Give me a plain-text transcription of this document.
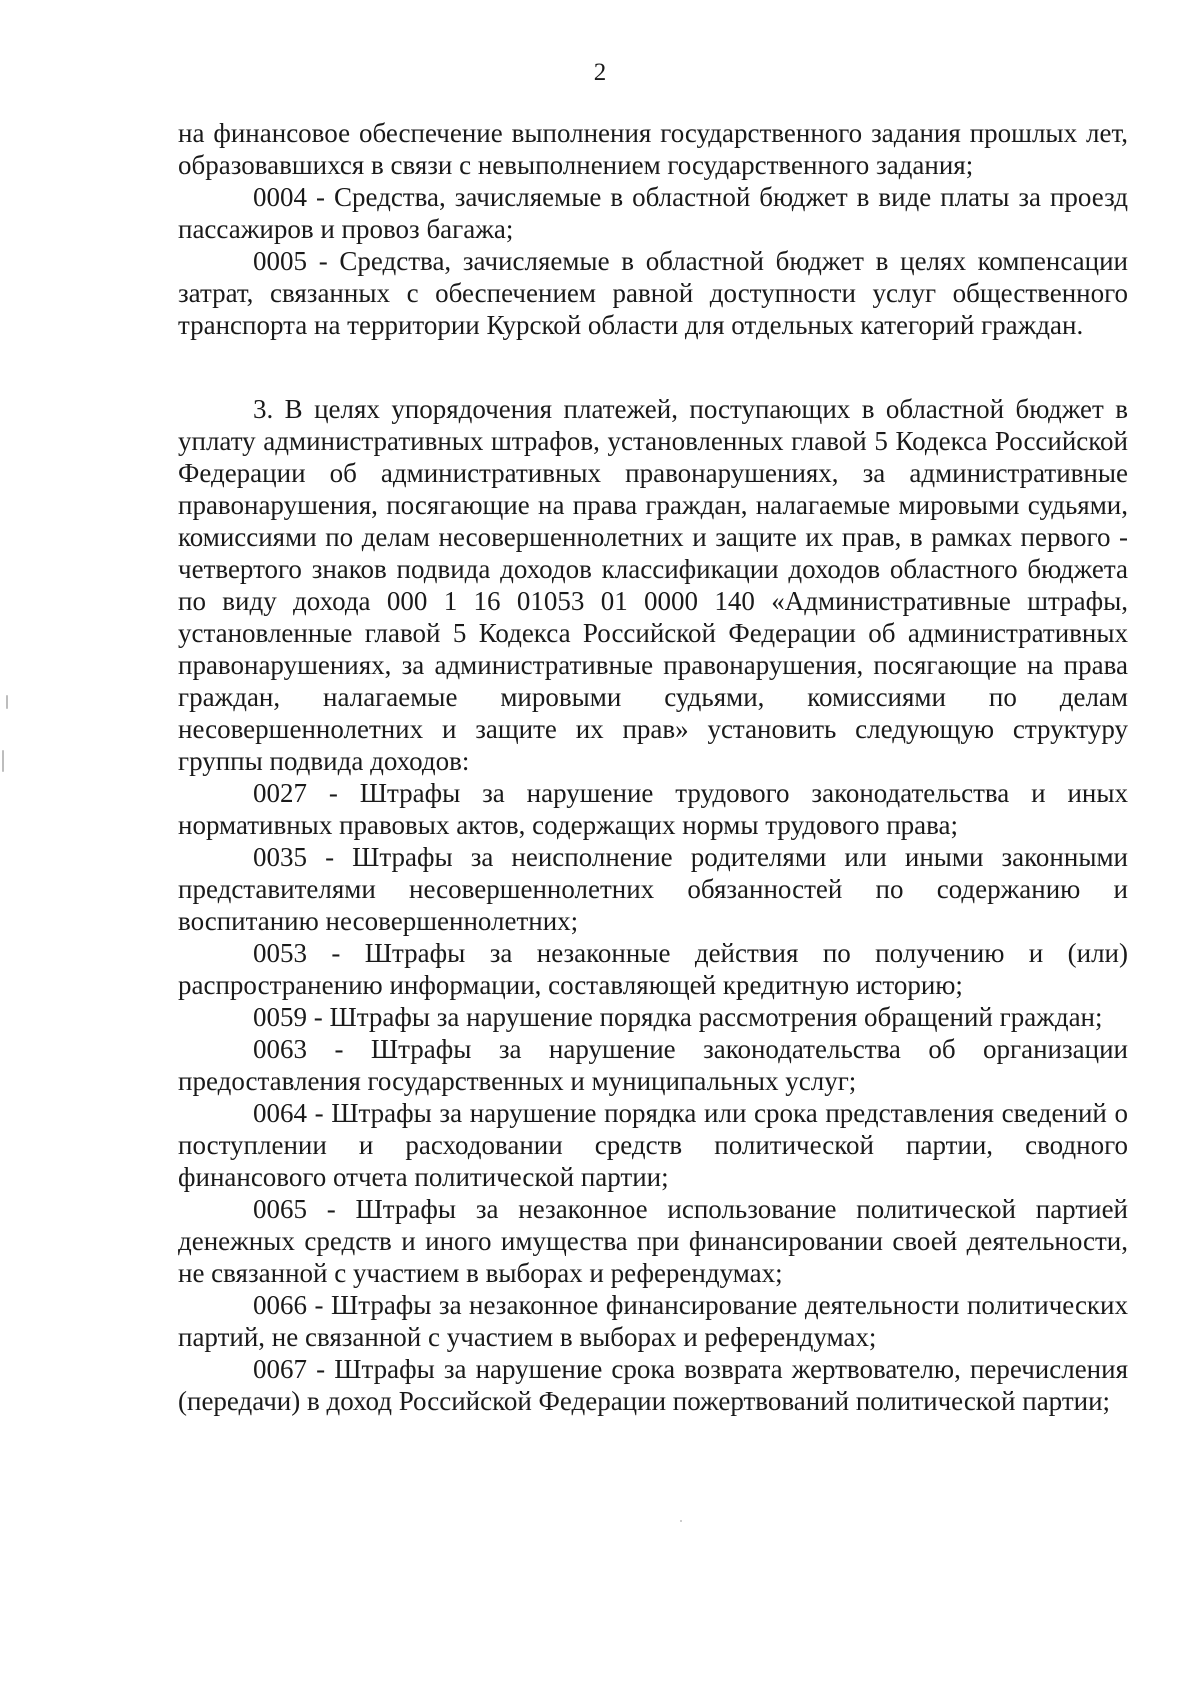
2

на финансовое обеспечение выполнения государственного задания прошлых лет, образовавшихся в связи с невыполнением государственного задания;

0004 - Средства, зачисляемые в областной бюджет в виде платы за проезд пассажиров и провоз багажа;

0005 - Средства, зачисляемые в областной бюджет в целях компенсации затрат, связанных с обеспечением равной доступности услуг общественного транспорта на территории Курской области для отдельных категорий граждан.

3. В целях упорядочения платежей, поступающих в областной бюджет в уплату административных штрафов, установленных главой 5 Кодекса Российской Федерации об административных правонарушениях, за административные правонарушения, посягающие на права граждан, налагаемые мировыми судьями, комиссиями по делам несовершеннолетних и защите их прав, в рамках первого - четвертого знаков подвида доходов классификации доходов областного бюджета по виду дохода 000 1 16 01053 01 0000 140 «Административные штрафы, установленные главой 5 Кодекса Российской Федерации об административных правонарушениях, за административные правонарушения, посягающие на права граждан, налагаемые мировыми судьями, комиссиями по делам несовершеннолетних и защите их прав» установить следующую структуру группы подвида доходов:

0027 - Штрафы за нарушение трудового законодательства и иных нормативных правовых актов, содержащих нормы трудового права;

0035 - Штрафы за неисполнение родителями или иными законными представителями несовершеннолетних обязанностей по содержанию и воспитанию несовершеннолетних;

0053 - Штрафы за незаконные действия по получению и (или) распространению информации, составляющей кредитную историю;

0059 - Штрафы за нарушение порядка рассмотрения обращений граждан;

0063 - Штрафы за нарушение законодательства об организации предоставления государственных и муниципальных услуг;

0064 - Штрафы за нарушение порядка или срока представления сведений о поступлении и расходовании средств политической партии, сводного финансового отчета политической партии;

0065 - Штрафы за незаконное использование политической партией денежных средств и иного имущества при финансировании своей деятельности, не связанной с участием в выборах и референдумах;

0066 - Штрафы за незаконное финансирование деятельности политических партий, не связанной с участием в выборах и референдумах;

0067 - Штрафы за нарушение срока возврата жертвователю, перечисления (передачи) в доход Российской Федерации пожертвований политической партии;
